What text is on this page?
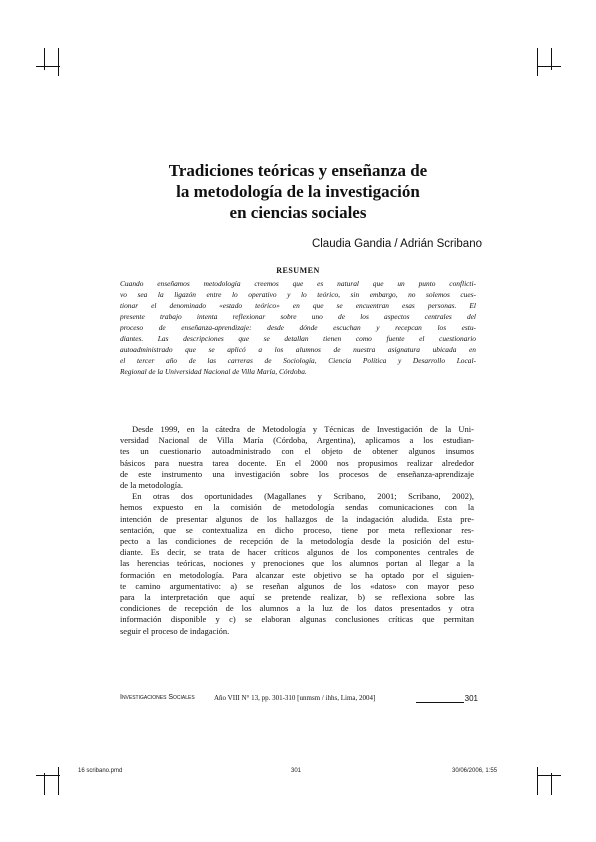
Tradiciones teóricas y enseñanza de
la metodología de la investigación
en ciencias sociales
Claudia Gandia / Adrián Scribano
RESUMEN
Cuando enseñamos metodología creemos que es natural que un punto conflicti-
vo sea la ligazón entre lo operativo y lo teórico, sin embargo, no solemos cues-
tionar el denominado «estado teórico» en que se encuentran esas personas. El
presente trabajo intenta reflexionar sobre uno de los aspectos centrales del
proceso de enseñanza-aprendizaje: desde dónde escuchan y recepcan los estu-
diantes. Las descripciones que se detallan tienen como fuente el cuestionario
autoadministrado que se aplicó a los alumnos de nuestra asignatura ubicada en
el tercer año de las carreras de Sociología, Ciencia Política y Desarrollo Local-
Regional de la Universidad Nacional de Villa María, Córdoba.
Desde 1999, en la cátedra de Metodología y Técnicas de Investigación de la Uni-
versidad Nacional de Villa María (Córdoba, Argentina), aplicamos a los estudian-
tes un cuestionario autoadministrado con el objeto de obtener algunos insumos
básicos para nuestra tarea docente. En el 2000 nos propusimos realizar alrededor
de este instrumento una investigación sobre los procesos de enseñanza-aprendizaje
de la metodología.
En otras dos oportunidades (Magallanes y Scribano, 2001; Scribano, 2002),
hemos expuesto en la comisión de metodología sendas comunicaciones con la
intención de presentar algunos de los hallazgos de la indagación aludida. Esta pre-
sentación, que se contextualiza en dicho proceso, tiene por meta reflexionar res-
pecto a las condiciones de recepción de la metodología desde la posición del estu-
diante. Es decir, se trata de hacer críticos algunos de los componentes centrales de
las herencias teóricas, nociones y prenociones que los alumnos portan al llegar a la
formación en metodología. Para alcanzar este objetivo se ha optado por el siguien-
te camino argumentativo: a) se reseñan algunos de los «datos» con mayor peso
para la interpretación que aquí se pretende realizar, b) se reflexiona sobre las
condiciones de recepción de los alumnos a la luz de los datos presentados y otra
información disponible y c) se elaboran algunas conclusiones críticas que permitan
seguir el proceso de indagación.
Investigaciones Sociales	Año VIII N° 13, pp. 301-310 [unmsm / ihhs, Lima, 2004]	301
16 scribano.pmd	301	30/06/2006, 1:55
